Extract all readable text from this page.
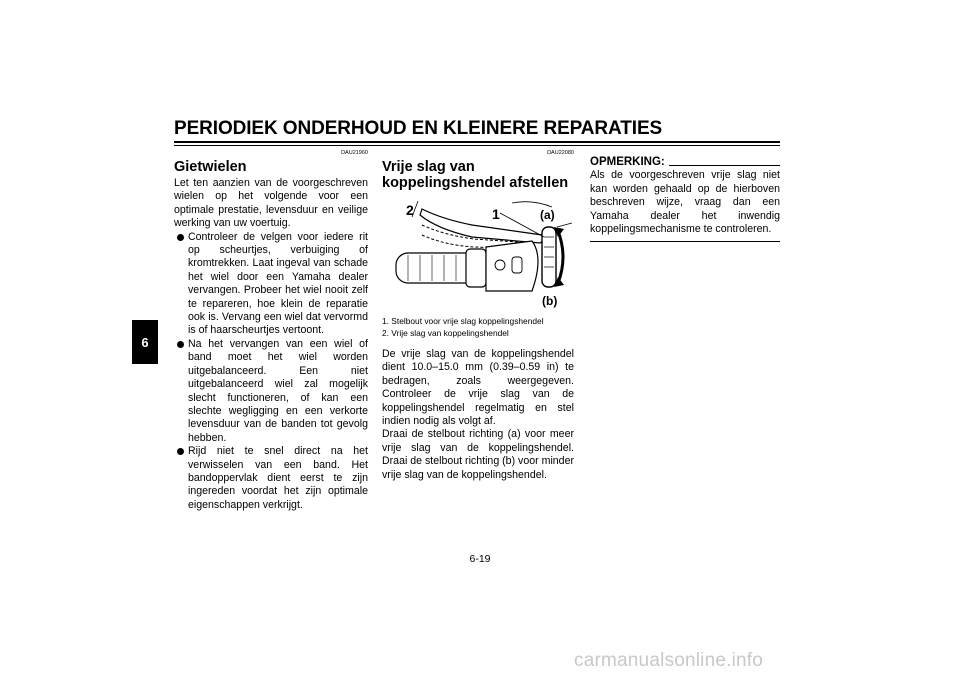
PERIODIEK ONDERHOUD EN KLEINERE REPARATIES
6
DAU21960
Gietwielen

Let ten aanzien van de voorgeschreven wielen op het volgende voor een optimale prestatie, levensduur en veilige werking van uw voertuig.

Controleer de velgen voor iedere rit op scheurtjes, verbuiging of kromtrekken. Laat ingeval van schade het wiel door een Yamaha dealer vervangen. Probeer het wiel nooit zelf te repareren, hoe klein de reparatie ook is. Vervang een wiel dat vervormd is of haarscheurtjes vertoont.
Na het vervangen van een wiel of band moet het wiel worden uitgebalanceerd. Een niet uitgebalanceerd wiel zal mogelijk slecht functioneren, of kan een slechte wegligging en een verkorte levensduur van de banden tot gevolg hebben.
Rijd niet te snel direct na het verwisselen van een band. Het bandoppervlak dient eerst te zijn ingereden voordat het zijn optimale eigenschappen verkrijgt.
DAU22080
Vrije slag van koppelingshendel afstellen
2	1	(a)
(b)
1. Stelbout voor vrije slag koppelingshendel
2. Vrije slag van koppelingshendel

De vrije slag van de koppelingshendel dient 10.0–15.0 mm (0.39–0.59 in) te bedragen, zoals weergegeven. Controleer de vrije slag van de koppelingshendel regelmatig en stel indien nodig als volgt af.

Draai de stelbout richting (a) voor meer vrije slag van de koppelingshendel. Draai de stelbout richting (b) voor minder vrije slag van de koppelingshendel.

OPMERKING:

Als de voorgeschreven vrije slag niet kan worden gehaald op de hierboven beschreven wijze, vraag dan een Yamaha dealer het inwendig koppelingsmechanisme te controleren.

6-19
carmanualsonline.info
